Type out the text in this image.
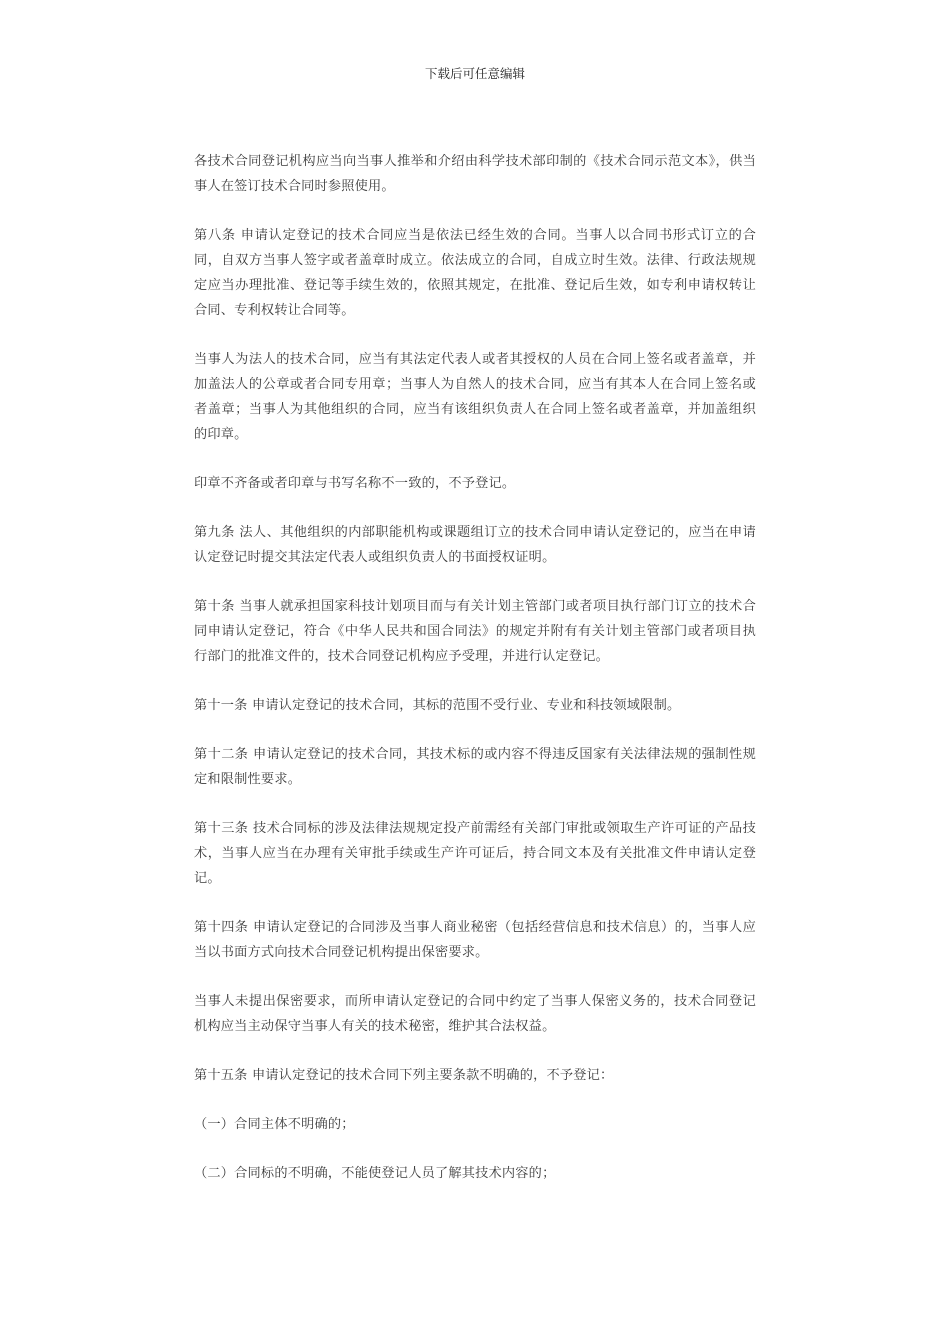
下载后可任意编辑

各技术合同登记机构应当向当事人推举和介绍由科学技术部印制的《技术合同示范文本》，供当事人在签订技术合同时参照使用。

第八条 申请认定登记的技术合同应当是依法已经生效的合同。当事人以合同书形式订立的合同，自双方当事人签字或者盖章时成立。依法成立的合同，自成立时生效。法律、行政法规规定应当办理批准、登记等手续生效的，依照其规定，在批准、登记后生效，如专利申请权转让合同、专利权转让合同等。

当事人为法人的技术合同，应当有其法定代表人或者其授权的人员在合同上签名或者盖章，并加盖法人的公章或者合同专用章；当事人为自然人的技术合同，应当有其本人在合同上签名或者盖章；当事人为其他组织的合同，应当有该组织负责人在合同上签名或者盖章，并加盖组织的印章。

印章不齐备或者印章与书写名称不一致的，不予登记。

第九条 法人、其他组织的内部职能机构或课题组订立的技术合同申请认定登记的，应当在申请认定登记时提交其法定代表人或组织负责人的书面授权证明。

第十条 当事人就承担国家科技计划项目而与有关计划主管部门或者项目执行部门订立的技术合同申请认定登记，符合《中华人民共和国合同法》的规定并附有有关计划主管部门或者项目执行部门的批准文件的，技术合同登记机构应予受理，并进行认定登记。

第十一条 申请认定登记的技术合同，其标的范围不受行业、专业和科技领域限制。

第十二条 申请认定登记的技术合同，其技术标的或内容不得违反国家有关法律法规的强制性规定和限制性要求。

第十三条 技术合同标的涉及法律法规规定投产前需经有关部门审批或领取生产许可证的产品技术，当事人应当在办理有关审批手续或生产许可证后，持合同文本及有关批准文件申请认定登记。

第十四条 申请认定登记的合同涉及当事人商业秘密（包括经营信息和技术信息）的，当事人应当以书面方式向技术合同登记机构提出保密要求。

当事人未提出保密要求，而所申请认定登记的合同中约定了当事人保密义务的，技术合同登记机构应当主动保守当事人有关的技术秘密，维护其合法权益。

第十五条 申请认定登记的技术合同下列主要条款不明确的，不予登记：

（一）合同主体不明确的；

（二）合同标的不明确，不能使登记人员了解其技术内容的；
